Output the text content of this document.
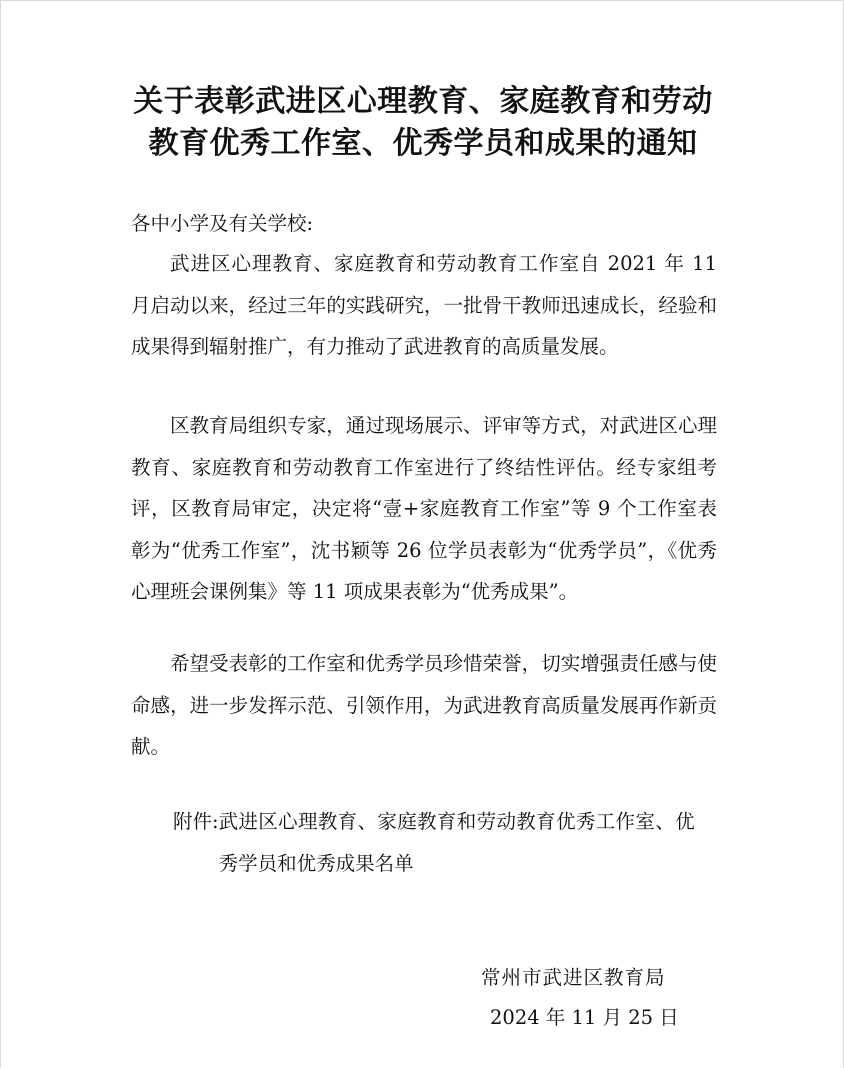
关于表彰武进区心理教育、家庭教育和劳动
教育优秀工作室、优秀学员和成果的通知
各中小学及有关学校:

武进区心理教育、家庭教育和劳动教育工作室自 2021 年 11 月启动以来，经过三年的实践研究，一批骨干教师迅速成长，经验和成果得到辐射推广，有力推动了武进教育的高质量发展。

区教育局组织专家，通过现场展示、评审等方式，对武进区心理教育、家庭教育和劳动教育工作室进行了终结性评估。经专家组考评，区教育局审定，决定将“壹+家庭教育工作室”等 9 个工作室表彰为“优秀工作室”，沈书颖等 26 位学员表彰为“优秀学员”，《优秀心理班会课例集》等 11 项成果表彰为“优秀成果”。

希望受表彰的工作室和优秀学员珍惜荣誉，切实增强责任感与使命感，进一步发挥示范、引领作用，为武进教育高质量发展再作新贡献。

附件: 武进区心理教育、家庭教育和劳动教育优秀工作室、优秀学员和优秀成果名单
常州市武进区教育局
2024 年 11 月 25 日
